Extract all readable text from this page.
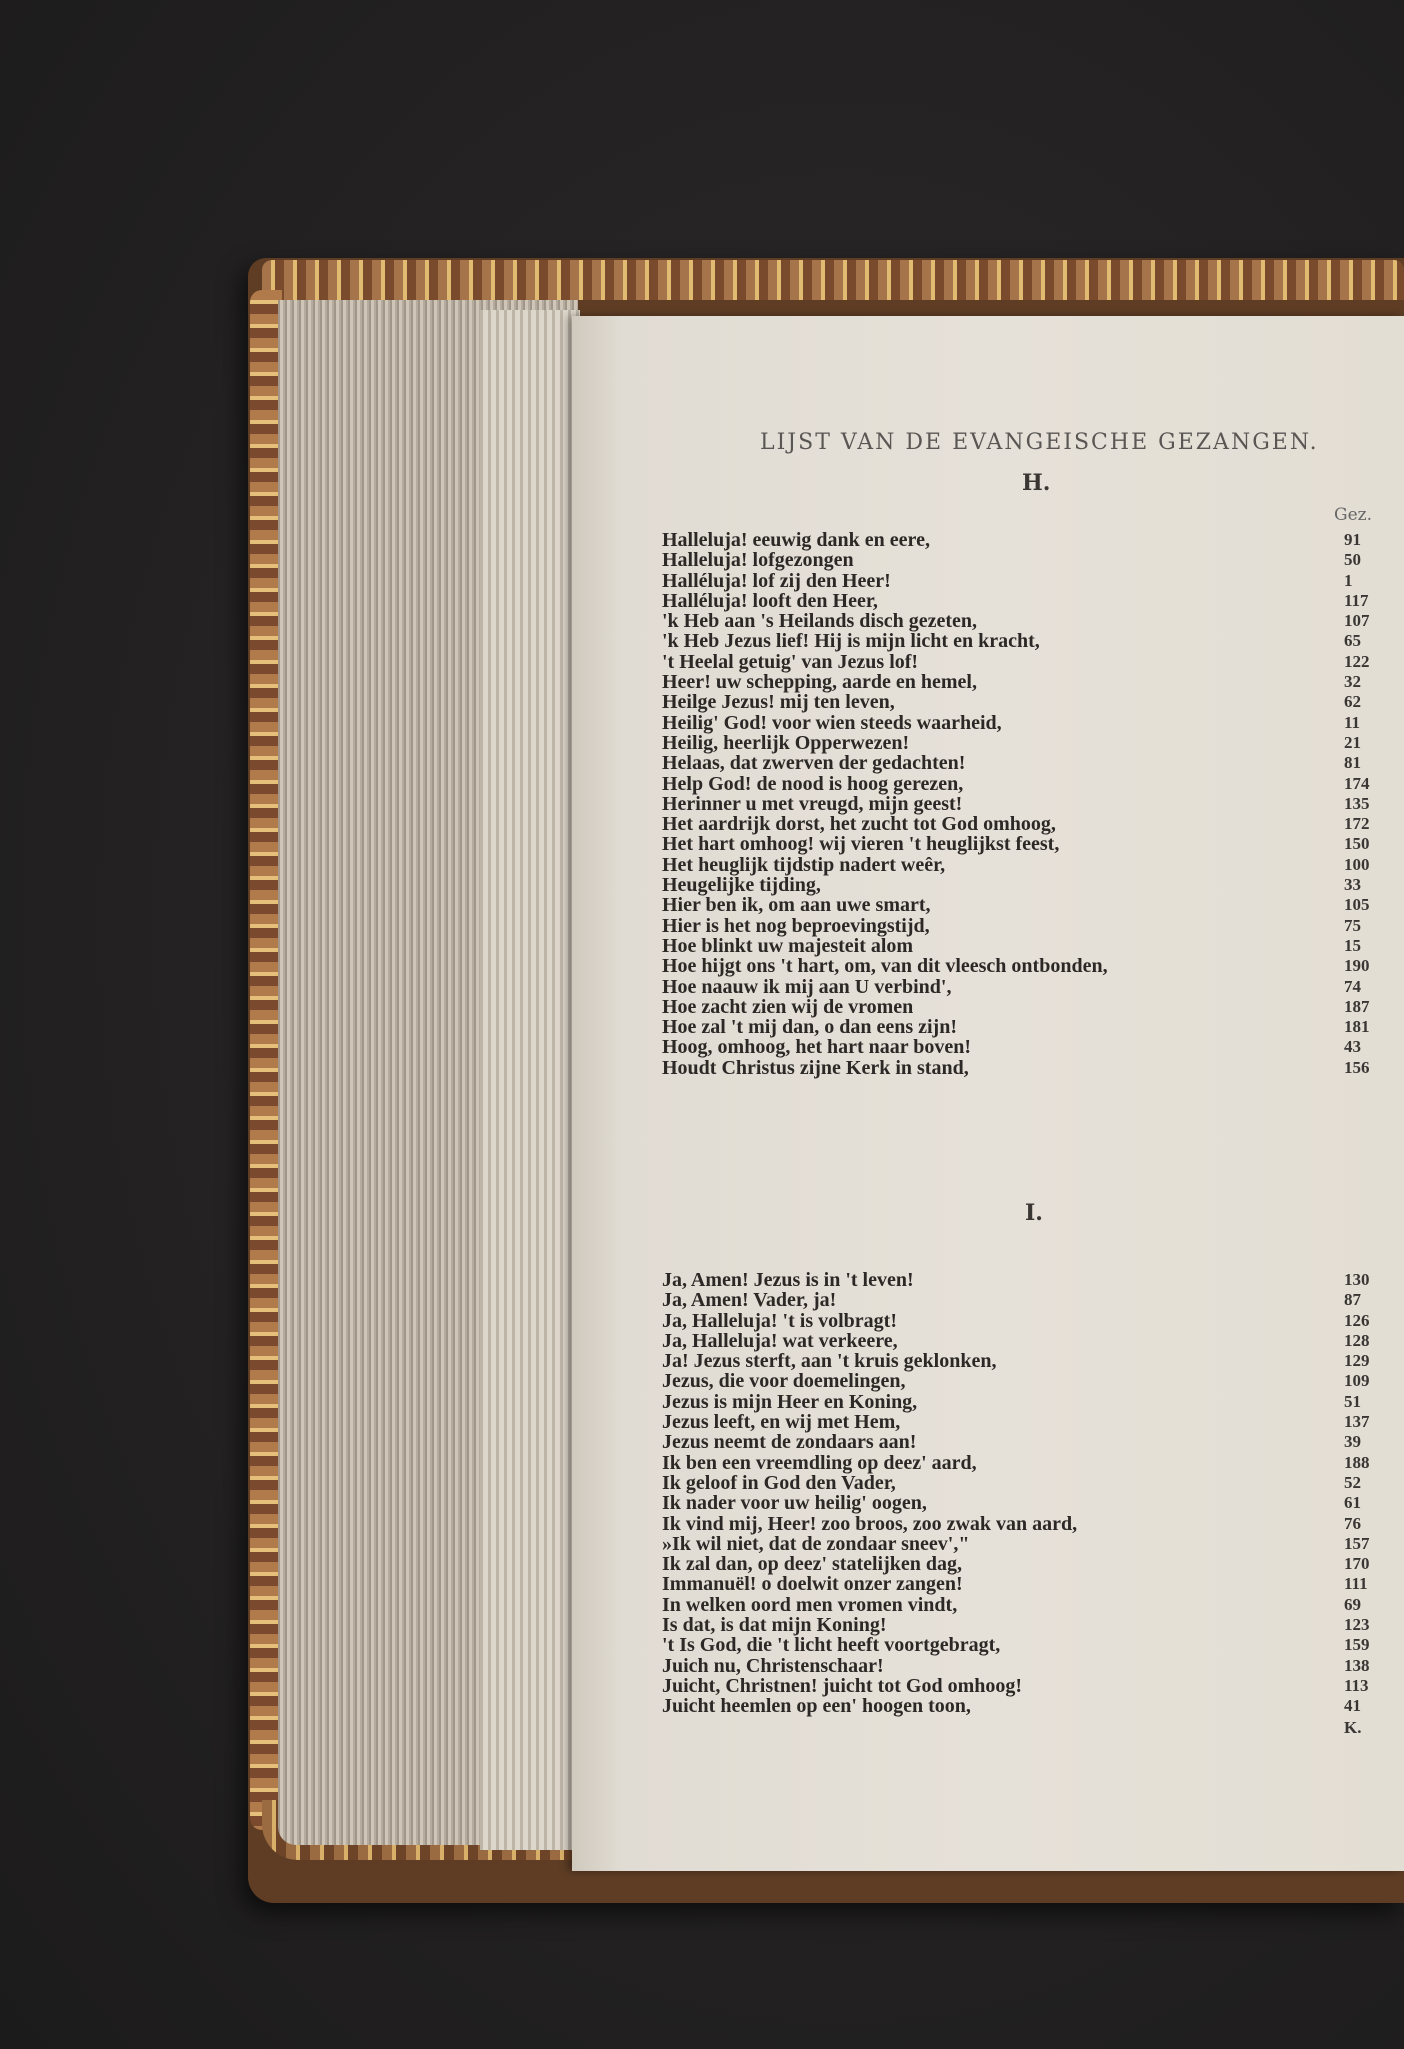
LIJST VAN DE EVANGEISCHE GEZANGEN.
H.
Gez.
Halleluja! eeuwig dank en eere,	91
Halleluja! lofgezongen	50
Halléluja! lof zij den Heer!	1
Halléluja! looft den Heer,	117
'k Heb aan 's Heilands disch gezeten,	107
'k Heb Jezus lief! Hij is mijn licht en kracht,	65
't Heelal getuig' van Jezus lof!	122
Heer! uw schepping, aarde en hemel,	32
Heilge Jezus! mij ten leven,	62
Heilig' God! voor wien steeds waarheid,	11
Heilig, heerlijk Opperwezen!	21
Helaas, dat zwerven der gedachten!	81
Help God! de nood is hoog gerezen,	174
Herinner u met vreugd, mijn geest!	135
Het aardrijk dorst, het zucht tot God omhoog,	172
Het hart omhoog! wij vieren 't heuglijkst feest,	150
Het heuglijk tijdstip nadert weêr,	100
Heugelijke tijding,	33
Hier ben ik, om aan uwe smart,	105
Hier is het nog beproevingstijd,	75
Hoe blinkt uw majesteit alom	15
Hoe hijgt ons 't hart, om, van dit vleesch ontbonden,	190
Hoe naauw ik mij aan U verbind',	74
Hoe zacht zien wij de vromen	187
Hoe zal 't mij dan, o dan eens zijn!	181
Hoog, omhoog, het hart naar boven!	43
Houdt Christus zijne Kerk in stand,	156
I.
Ja, Amen! Jezus is in 't leven!	130
Ja, Amen! Vader, ja!	87
Ja, Halleluja! 't is volbragt!	126
Ja, Halleluja! wat verkeere,	128
Ja! Jezus sterft, aan 't kruis geklonken,	129
Jezus, die voor doemelingen,	109
Jezus is mijn Heer en Koning,	51
Jezus leeft, en wij met Hem,	137
Jezus neemt de zondaars aan!	39
Ik ben een vreemdling op deez' aard,	188
Ik geloof in God den Vader,	52
Ik nader voor uw heilig' oogen,	61
Ik vind mij, Heer! zoo broos, zoo zwak van aard,	76
»Ik wil niet, dat de zondaar sneev',"	157
Ik zal dan, op deez' statelijken dag,	170
Immanuël! o doelwit onzer zangen!	111
In welken oord men vromen vindt,	69
Is dat, is dat mijn Koning!	123
't Is God, die 't licht heeft voortgebragt,	159
Juich nu, Christenschaar!	138
Juicht, Christnen! juicht tot God omhoog!	113
Juicht heemlen op een' hoogen toon,	41
K.
